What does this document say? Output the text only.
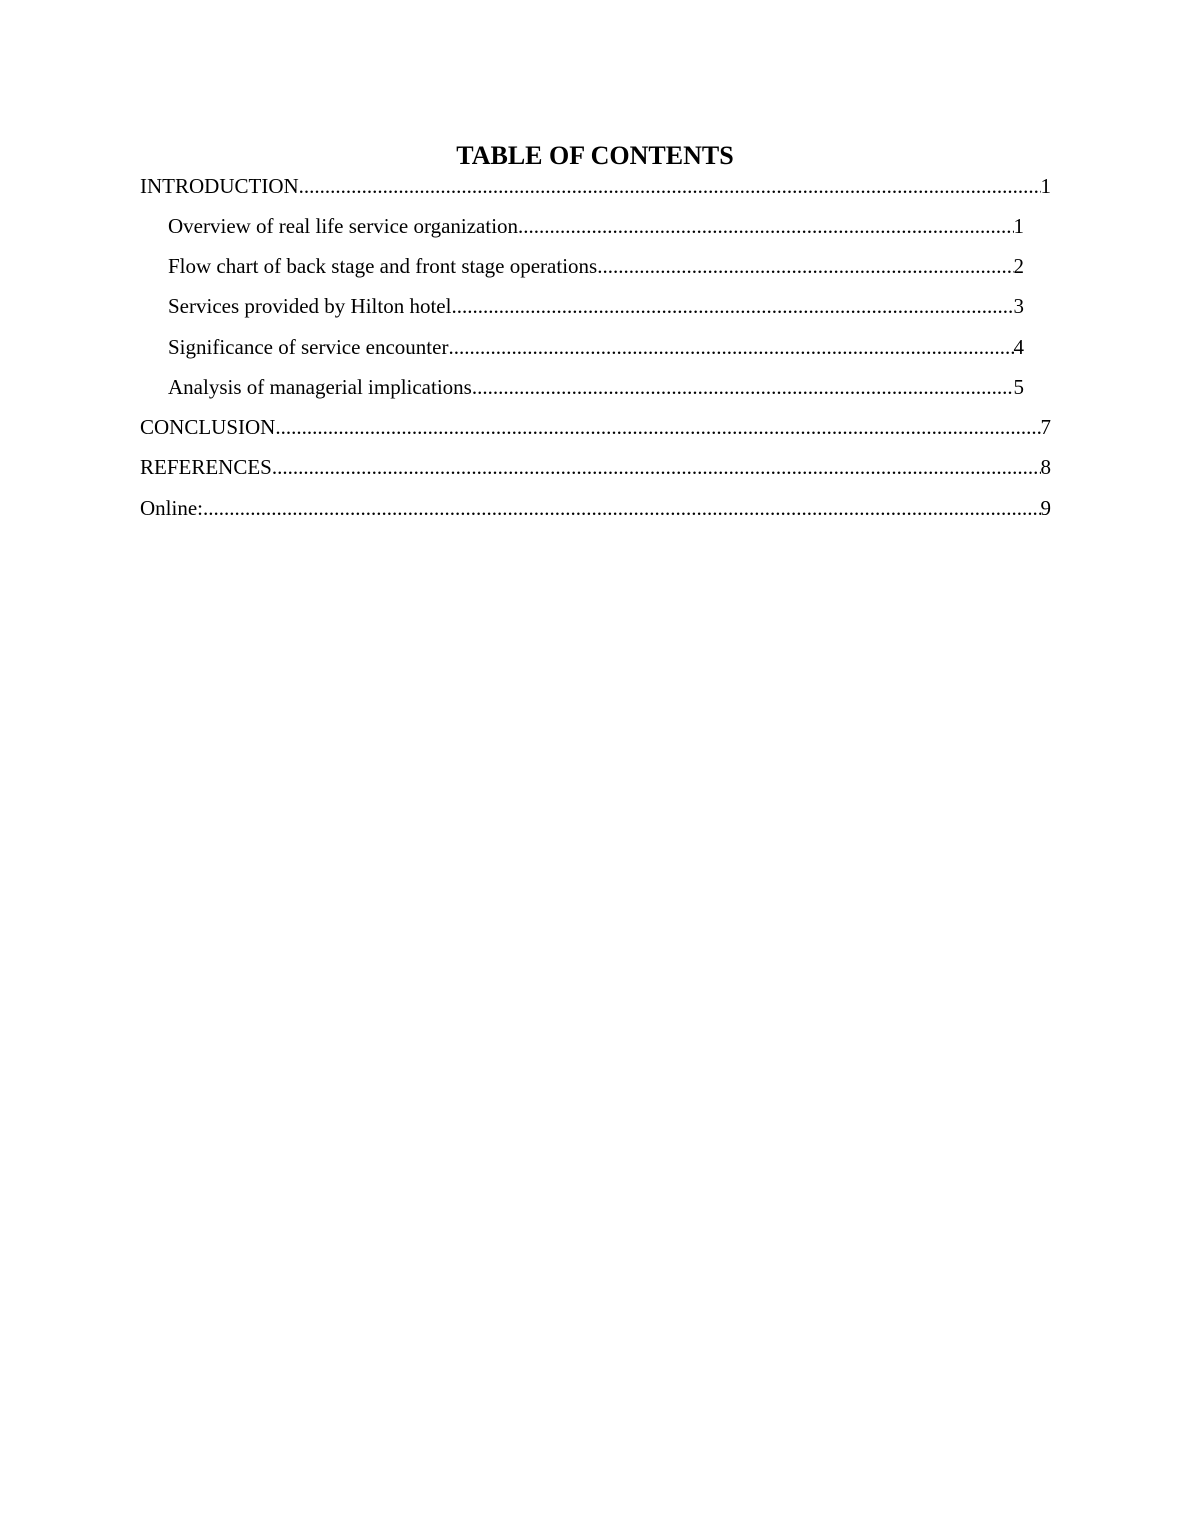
TABLE OF CONTENTS
INTRODUCTION .....	1
Overview of real life service organization .....	1
Flow chart of back stage and front stage operations .....	2
Services provided by Hilton hotel .....	3
Significance of service encounter .....	4
Analysis of managerial implications .....	5
CONCLUSION .....	7
REFERENCES .....	8
Online: .....	9
